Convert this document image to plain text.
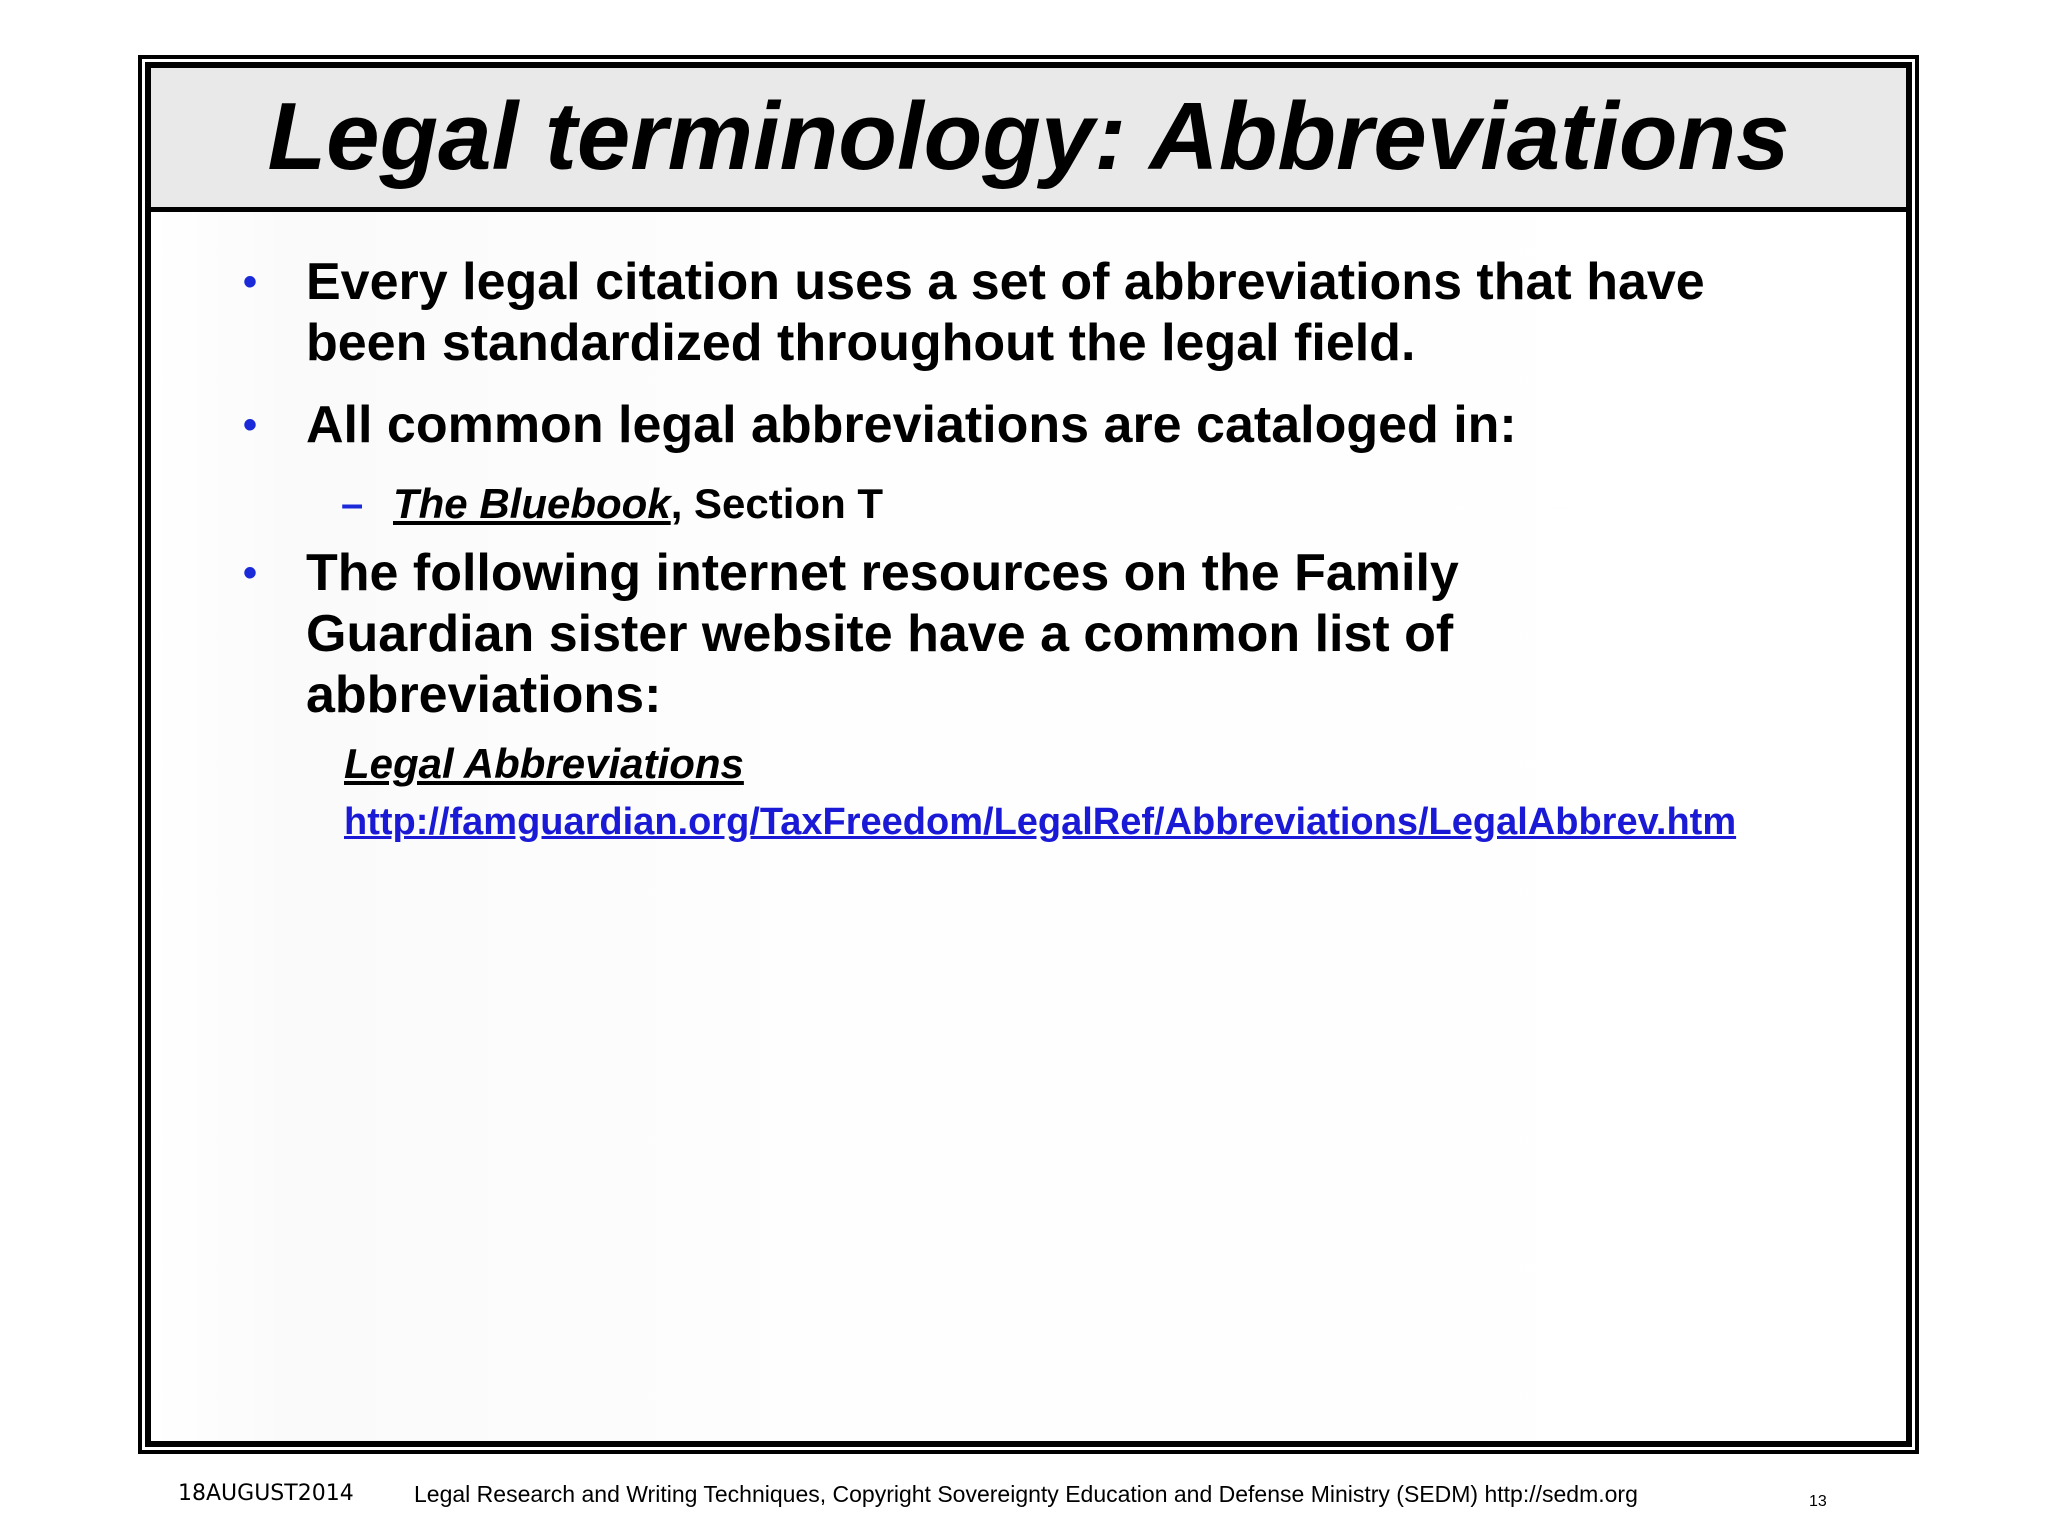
Legal terminology: Abbreviations
• Every legal citation uses a set of abbreviations that have been standardized throughout the legal field.
• All common legal abbreviations are cataloged in:
– The Bluebook, Section T
• The following internet resources on the Family Guardian sister website have a common list of abbreviations:
Legal Abbreviations
http://famguardian.org/TaxFreedom/LegalRef/Abbreviations/LegalAbbrev.htm
18AUGUST2014	Legal Research and Writing Techniques, Copyright Sovereignty Education and Defense Ministry (SEDM) http://sedm.org	13
